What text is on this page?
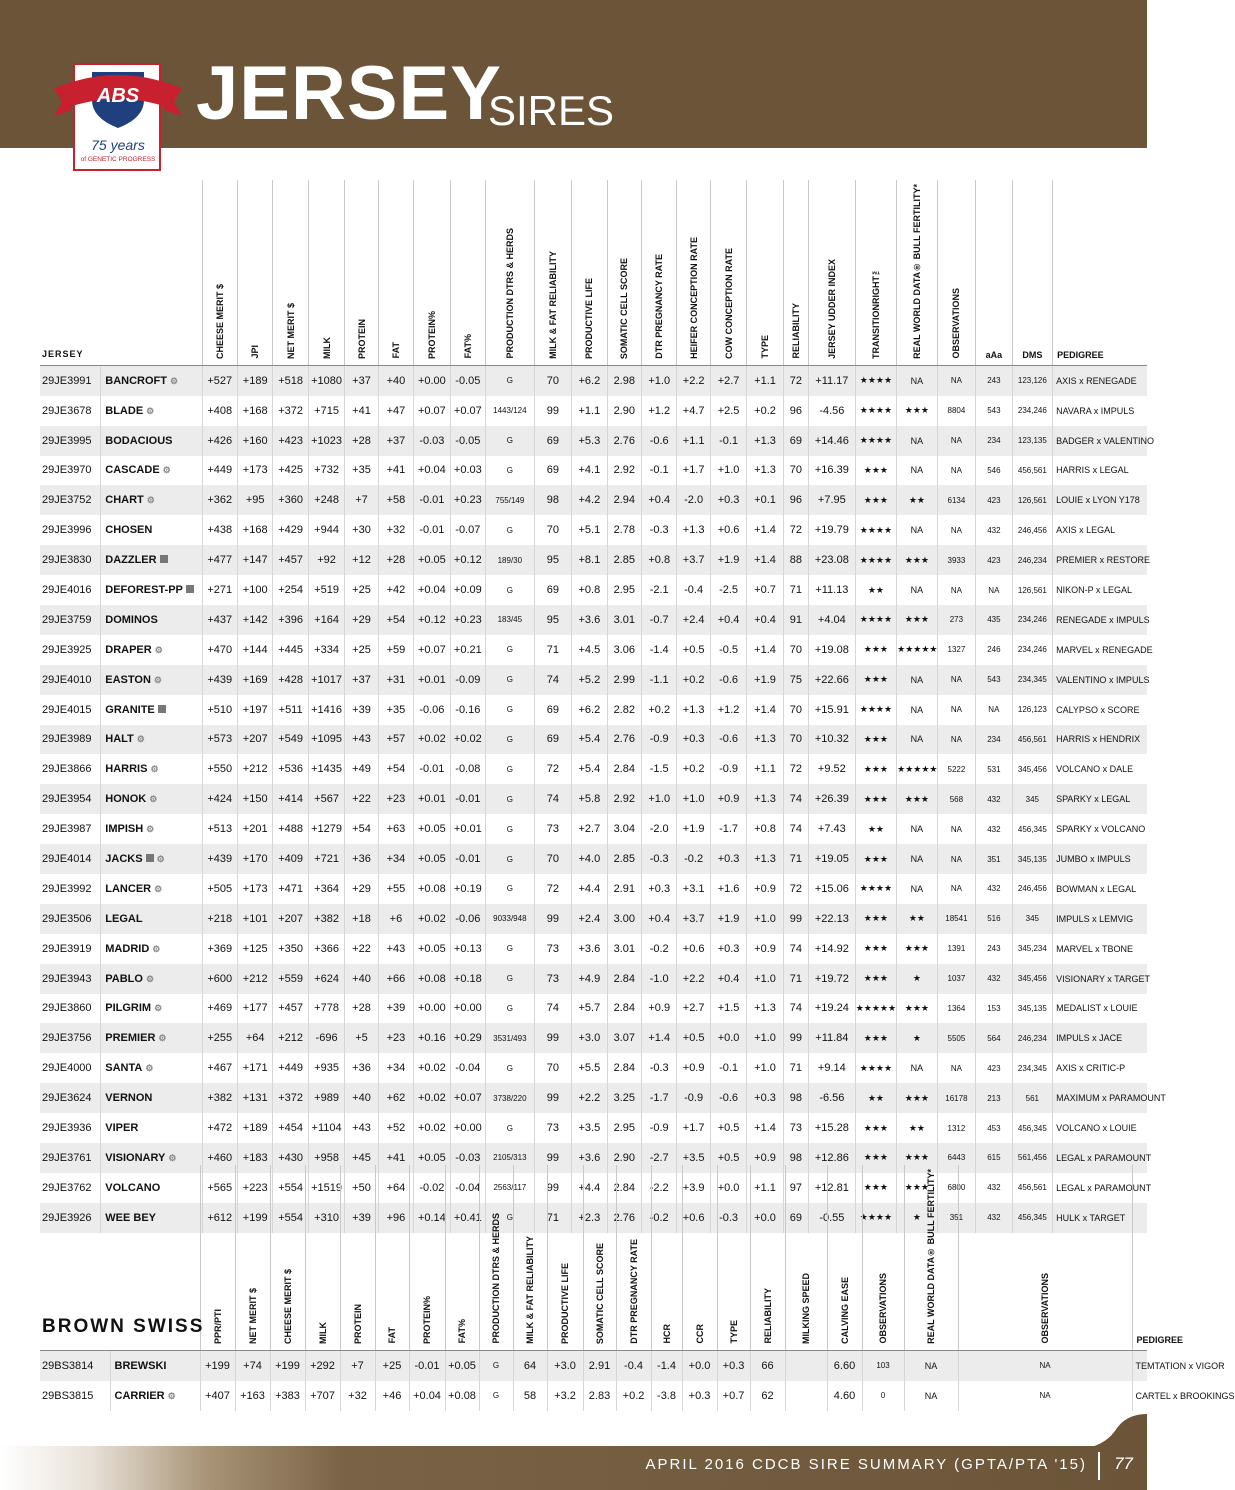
ABS
75 years
of GENETIC PROGRESS
JERSEY
SIRES
JERSEY		CHEESE MERIT $	JPI	NET MERIT $	MILK	PROTEIN	FAT	PROTEIN%	FAT%	PRODUCTION DTRS & HERDS	MILK & FAT RELIABILITY	PRODUCTIVE LIFE	SOMATIC CELL SCORE	DTR PREGNANCY RATE	HEIFER CONCEPTION RATE	COW CONCEPTION RATE	TYPE	RELIABILITY	JERSEY UDDER INDEX	TRANSITIONRIGHT™	REAL WORLD DATA® BULL FERTILITY*	OBSERVATIONS	aAa	DMS	PEDIGREE

29JE3991	BANCROFT ⚙	+527	+189	+518	+1080	+37	+40	+0.00	-0.05	G	70	+6.2	2.98	+1.0	+2.2	+2.7	+1.1	72	+11.17	★★★★	NA	NA	243	123,126	AXIS x RENEGADE
29JE3678	BLADE ⚙	+408	+168	+372	+715	+41	+47	+0.07	+0.07	1443/124	99	+1.1	2.90	+1.2	+4.7	+2.5	+0.2	96	-4.56	★★★★	★★★	8804	543	234,246	NAVARA x IMPULS
29JE3995	BODACIOUS	+426	+160	+423	+1023	+28	+37	-0.03	-0.05	G	69	+5.3	2.76	-0.6	+1.1	-0.1	+1.3	69	+14.46	★★★★	NA	NA	234	123,135	BADGER x VALENTINO
29JE3970	CASCADE ⚙	+449	+173	+425	+732	+35	+41	+0.04	+0.03	G	69	+4.1	2.92	-0.1	+1.7	+1.0	+1.3	70	+16.39	★★★	NA	NA	546	456,561	HARRIS x LEGAL
29JE3752	CHART ⚙	+362	+95	+360	+248	+7	+58	-0.01	+0.23	755/149	98	+4.2	2.94	+0.4	-2.0	+0.3	+0.1	96	+7.95	★★★	★★	6134	423	126,561	LOUIE x LYON Y178
29JE3996	CHOSEN	+438	+168	+429	+944	+30	+32	-0.01	-0.07	G	70	+5.1	2.78	-0.3	+1.3	+0.6	+1.4	72	+19.79	★★★★	NA	NA	432	246,456	AXIS x LEGAL
29JE3830	DAZZLER	+477	+147	+457	+92	+12	+28	+0.05	+0.12	189/30	95	+8.1	2.85	+0.8	+3.7	+1.9	+1.4	88	+23.08	★★★★	★★★	3933	423	246,234	PREMIER x RESTORE
29JE4016	DEFOREST-PP	+271	+100	+254	+519	+25	+42	+0.04	+0.09	G	69	+0.8	2.95	-2.1	-0.4	-2.5	+0.7	71	+11.13	★★	NA	NA	NA	126,561	NIKON-P x LEGAL
29JE3759	DOMINOS	+437	+142	+396	+164	+29	+54	+0.12	+0.23	183/45	95	+3.6	3.01	-0.7	+2.4	+0.4	+0.4	91	+4.04	★★★★	★★★	273	435	234,246	RENEGADE x IMPULS
29JE3925	DRAPER ⚙	+470	+144	+445	+334	+25	+59	+0.07	+0.21	G	71	+4.5	3.06	-1.4	+0.5	-0.5	+1.4	70	+19.08	★★★	★★★★★	1327	246	234,246	MARVEL x RENEGADE
29JE4010	EASTON ⚙	+439	+169	+428	+1017	+37	+31	+0.01	-0.09	G	74	+5.2	2.99	-1.1	+0.2	-0.6	+1.9	75	+22.66	★★★	NA	NA	543	234,345	VALENTINO x IMPULS
29JE4015	GRANITE	+510	+197	+511	+1416	+39	+35	-0.06	-0.16	G	69	+6.2	2.82	+0.2	+1.3	+1.2	+1.4	70	+15.91	★★★★	NA	NA	NA	126,123	CALYPSO x SCORE
29JE3989	HALT ⚙	+573	+207	+549	+1095	+43	+57	+0.02	+0.02	G	69	+5.4	2.76	-0.9	+0.3	-0.6	+1.3	70	+10.32	★★★	NA	NA	234	456,561	HARRIS x HENDRIX
29JE3866	HARRIS ⚙	+550	+212	+536	+1435	+49	+54	-0.01	-0.08	G	72	+5.4	2.84	-1.5	+0.2	-0.9	+1.1	72	+9.52	★★★	★★★★★	5222	531	345,456	VOLCANO x DALE
29JE3954	HONOK ⚙	+424	+150	+414	+567	+22	+23	+0.01	-0.01	G	74	+5.8	2.92	+1.0	+1.0	+0.9	+1.3	74	+26.39	★★★	★★★	568	432	345	SPARKY x LEGAL
29JE3987	IMPISH ⚙	+513	+201	+488	+1279	+54	+63	+0.05	+0.01	G	73	+2.7	3.04	-2.0	+1.9	-1.7	+0.8	74	+7.43	★★	NA	NA	432	456,345	SPARKY x VOLCANO
29JE4014	JACKS ⚙	+439	+170	+409	+721	+36	+34	+0.05	-0.01	G	70	+4.0	2.85	-0.3	-0.2	+0.3	+1.3	71	+19.05	★★★	NA	NA	351	345,135	JUMBO x IMPULS
29JE3992	LANCER ⚙	+505	+173	+471	+364	+29	+55	+0.08	+0.19	G	72	+4.4	2.91	+0.3	+3.1	+1.6	+0.9	72	+15.06	★★★★	NA	NA	432	246,456	BOWMAN x LEGAL
29JE3506	LEGAL	+218	+101	+207	+382	+18	+6	+0.02	-0.06	9033/948	99	+2.4	3.00	+0.4	+3.7	+1.9	+1.0	99	+22.13	★★★	★★	18541	516	345	IMPULS x LEMVIG
29JE3919	MADRID ⚙	+369	+125	+350	+366	+22	+43	+0.05	+0.13	G	73	+3.6	3.01	-0.2	+0.6	+0.3	+0.9	74	+14.92	★★★	★★★	1391	243	345,234	MARVEL x TBONE
29JE3943	PABLO ⚙	+600	+212	+559	+624	+40	+66	+0.08	+0.18	G	73	+4.9	2.84	-1.0	+2.2	+0.4	+1.0	71	+19.72	★★★	★	1037	432	345,456	VISIONARY x TARGET
29JE3860	PILGRIM ⚙	+469	+177	+457	+778	+28	+39	+0.00	+0.00	G	74	+5.7	2.84	+0.9	+2.7	+1.5	+1.3	74	+19.24	★★★★★	★★★	1364	153	345,135	MEDALIST x LOUIE
29JE3756	PREMIER ⚙	+255	+64	+212	-696	+5	+23	+0.16	+0.29	3531/493	99	+3.0	3.07	+1.4	+0.5	+0.0	+1.0	99	+11.84	★★★	★	5505	564	246,234	IMPULS x JACE
29JE4000	SANTA ⚙	+467	+171	+449	+935	+36	+34	+0.02	-0.04	G	70	+5.5	2.84	-0.3	+0.9	-0.1	+1.0	71	+9.14	★★★★	NA	NA	423	234,345	AXIS x CRITIC-P
29JE3624	VERNON	+382	+131	+372	+989	+40	+62	+0.02	+0.07	3738/220	99	+2.2	3.25	-1.7	-0.9	-0.6	+0.3	98	-6.56	★★	★★★	16178	213	561	MAXIMUM x PARAMOUNT
29JE3936	VIPER	+472	+189	+454	+1104	+43	+52	+0.02	+0.00	G	73	+3.5	2.95	-0.9	+1.7	+0.5	+1.4	73	+15.28	★★★	★★	1312	453	456,345	VOLCANO x LOUIE
29JE3761	VISIONARY ⚙	+460	+183	+430	+958	+45	+41	+0.05	-0.03	2105/313	99	+3.6	2.90	-2.7	+3.5	+0.5	+0.9	98	+12.86	★★★	★★★	6443	615	561,456	LEGAL x PARAMOUNT
29JE3762	VOLCANO	+565	+223	+554	+1519	+50	+64	-0.02	-0.04	2563/117	99	+4.4	2.84	-2.2	+3.9	+0.0	+1.1	97	+12.81	★★★	★★★	6800	432	456,561	LEGAL x PARAMOUNT
29JE3926	WEE BEY	+612	+199	+554	+310	+39	+96	+0.14	+0.41	G	71	+2.3	2.76	-0.2	+0.6	-0.3	+0.0	69	-0.55	★★★★	★	351	432	456,345	HULK x TARGET
BROWN SWISS		PPR/PTI	NET MERIT $	CHEESE MERIT $	MILK	PROTEIN	FAT	PROTEIN%	FAT%	PRODUCTION DTRS & HERDS	MILK & FAT RELIABILITY	PRODUCTIVE LIFE	SOMATIC CELL SCORE	DTR PREGNANCY RATE	HCR	CCR	TYPE	RELIABILITY	MILKING SPEED	CALVING EASE	OBSERVATIONS	REAL WORLD DATA® BULL FERTILITY*	OBSERVATIONS	PEDIGREE

29BS3814	BREWSKI	+199	+74	+199	+292	+7	+25	-0.01	+0.05	G	64	+3.0	2.91	-0.4	-1.4	+0.0	+0.3	66		6.60	103	NA	NA	TEMTATION x VIGOR
29BS3815	CARRIER ⚙	+407	+163	+383	+707	+32	+46	+0.04	+0.08	G	58	+3.2	2.83	+0.2	-3.8	+0.3	+0.7	62		4.60	0	NA	NA	CARTEL x BROOKINGS
APRIL 2016 CDCB SIRE SUMMARY (GPTA/PTA '15) 77
